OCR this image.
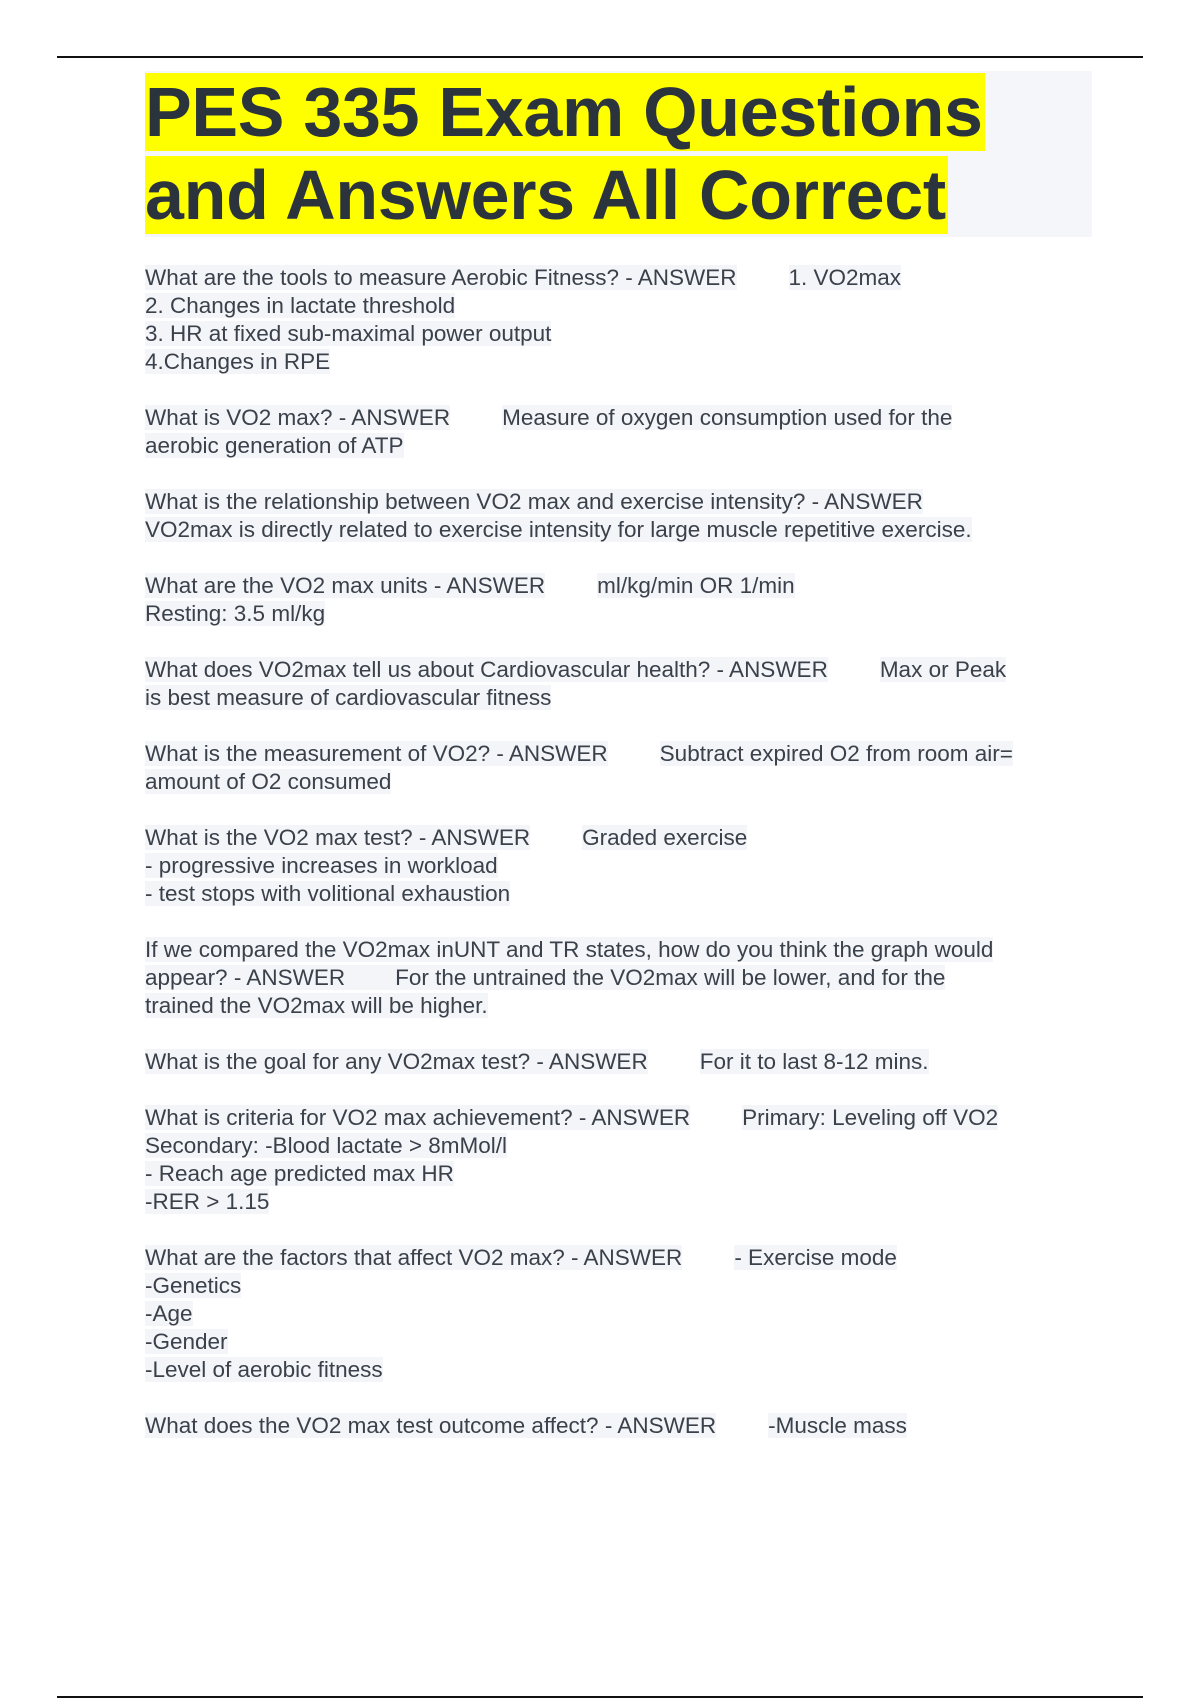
PES 335 Exam Questions
and Answers All Correct
What are the tools to measure Aerobic Fitness? - ANSWER 1. VO2max
2. Changes in lactate threshold
3. HR at fixed sub-maximal power output
4.Changes in RPE
What is VO2 max? - ANSWER Measure of oxygen consumption used for the
aerobic generation of ATP
What is the relationship between VO2 max and exercise intensity? - ANSWER
VO2max is directly related to exercise intensity for large muscle repetitive exercise.
What are the VO2 max units - ANSWER ml/kg/min OR 1/min
Resting: 3.5 ml/kg
What does VO2max tell us about Cardiovascular health? - ANSWER Max or Peak
is best measure of cardiovascular fitness
What is the measurement of VO2? - ANSWER Subtract expired O2 from room air=
amount of O2 consumed
What is the VO2 max test? - ANSWER Graded exercise
- progressive increases in workload
- test stops with volitional exhaustion
If we compared the VO2max inUNT and TR states, how do you think the graph would
appear? - ANSWER        For the untrained the VO2max will be lower, and for the
trained the VO2max will be higher.
What is the goal for any VO2max test? - ANSWER For it to last 8-12 mins.
What is criteria for VO2 max achievement? - ANSWER Primary: Leveling off VO2
Secondary: -Blood lactate > 8mMol/l
- Reach age predicted max HR
-RER > 1.15
What are the factors that affect VO2 max? - ANSWER - Exercise mode
-Genetics
-Age
-Gender
-Level of aerobic fitness
What does the VO2 max test outcome affect? - ANSWER -Muscle mass
